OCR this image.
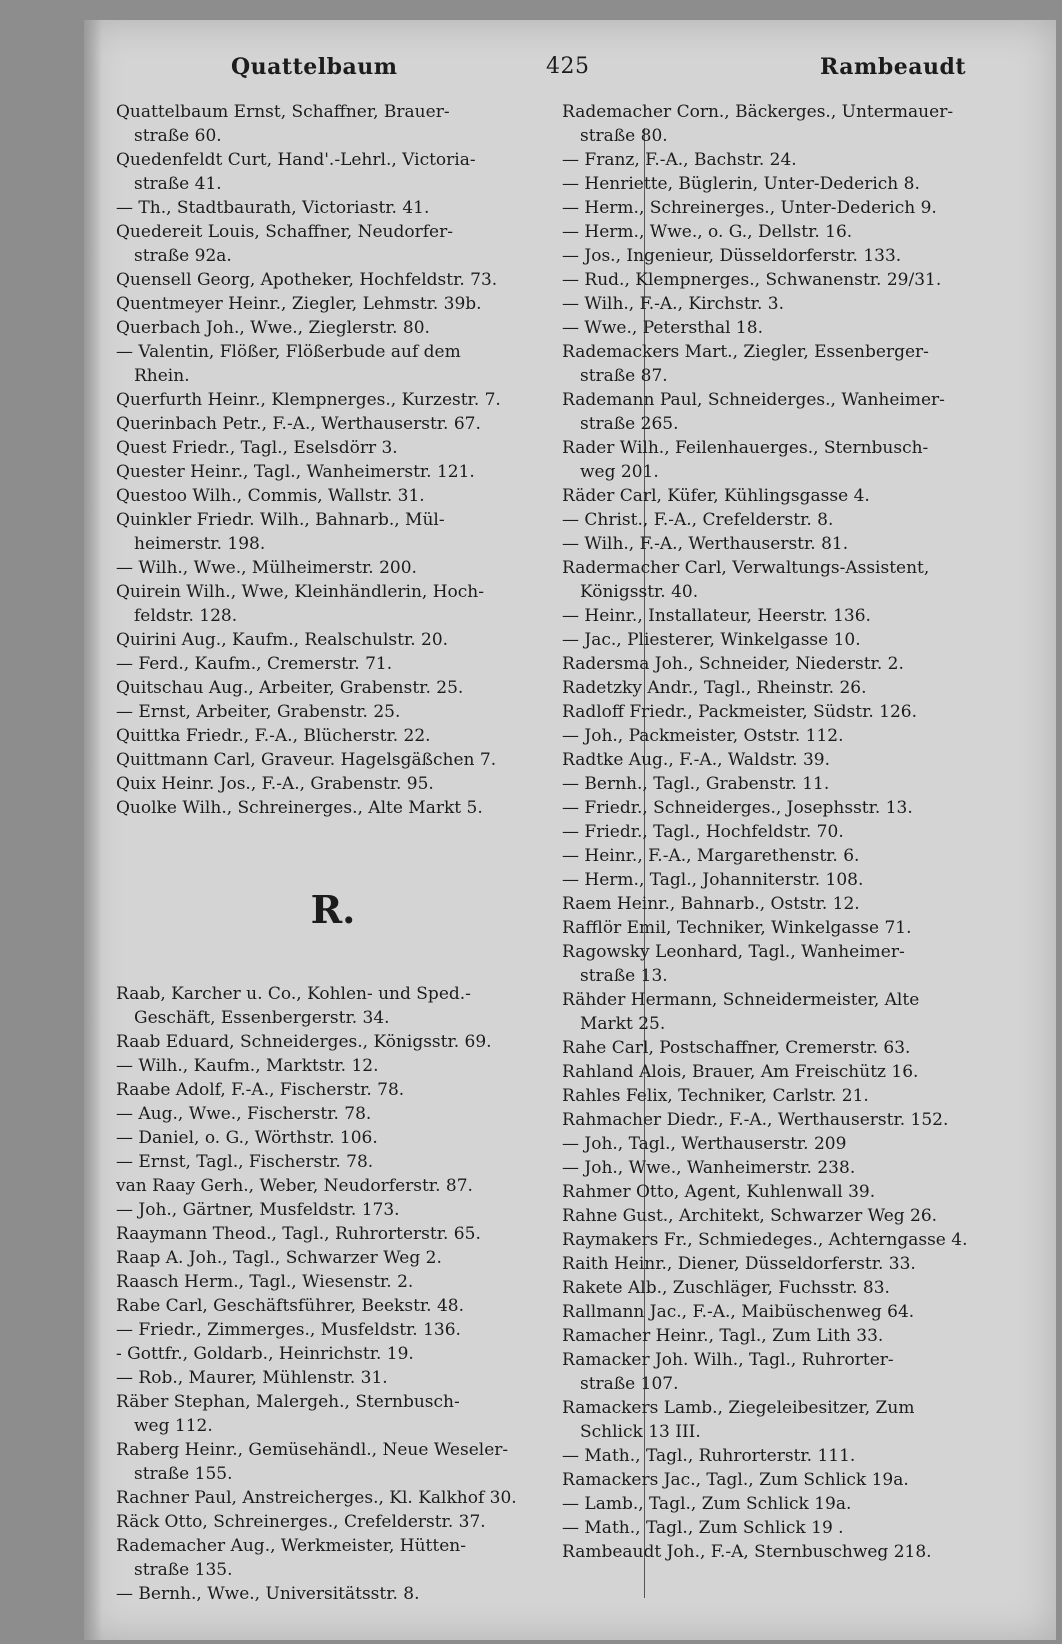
Quattelbaum	425	Rambeaudt
Quattelbaum Ernst, Schaffner, Brauer-
straße 60.
Quedenfeldt Curt, Hand'.-Lehrl., Victoria-
straße 41.
— Th., Stadtbaurath, Victoriastr. 41.
Quedereit Louis, Schaffner, Neudorfer-
straße 92a.
Quensell Georg, Apotheker, Hochfeldstr. 73.
Quentmeyer Heinr., Ziegler, Lehmstr. 39b.
Querbach Joh., Wwe., Zieglerstr. 80.
— Valentin, Flößer, Flößerbude auf dem
Rhein.
Querfurth Heinr., Klempnerges., Kurzestr. 7.
Querinbach Petr., F.-A., Werthauserstr. 67.
Quest Friedr., Tagl., Eselsdörr 3.
Quester Heinr., Tagl., Wanheimerstr. 121.
Questoo Wilh., Commis, Wallstr. 31.
Quinkler Friedr. Wilh., Bahnarb., Mül-
heimerstr. 198.
— Wilh., Wwe., Mülheimerstr. 200.
Quirein Wilh., Wwe, Kleinhändlerin, Hoch-
feldstr. 128.
Quirini Aug., Kaufm., Realschulstr. 20.
— Ferd., Kaufm., Cremerstr. 71.
Quitschau Aug., Arbeiter, Grabenstr. 25.
— Ernst, Arbeiter, Grabenstr. 25.
Quittka Friedr., F.-A., Blücherstr. 22.
Quittmann Carl, Graveur. Hagelsgäßchen 7.
Quix Heinr. Jos., F.-A., Grabenstr. 95.
Quolke Wilh., Schreinerges., Alte Markt 5.
R.
Raab, Karcher u. Co., Kohlen- und Sped.-
Geschäft, Essenbergerstr. 34.
Raab Eduard, Schneiderges., Königsstr. 69.
— Wilh., Kaufm., Marktstr. 12.
Raabe Adolf, F.-A., Fischerstr. 78.
— Aug., Wwe., Fischerstr. 78.
— Daniel, o. G., Wörthstr. 106.
— Ernst, Tagl., Fischerstr. 78.
van Raay Gerh., Weber, Neudorferstr. 87.
— Joh., Gärtner, Musfeldstr. 173.
Raaymann Theod., Tagl., Ruhrorterstr. 65.
Raap A. Joh., Tagl., Schwarzer Weg 2.
Raasch Herm., Tagl., Wiesenstr. 2.
Rabe Carl, Geschäftsführer, Beekstr. 48.
— Friedr., Zimmerges., Musfeldstr. 136.
- Gottfr., Goldarb., Heinrichstr. 19.
— Rob., Maurer, Mühlenstr. 31.
Räber Stephan, Malergeh., Sternbusch-
weg 112.
Raberg Heinr., Gemüsehändl., Neue Weseler-
straße 155.
Rachner Paul, Anstreicherges., Kl. Kalkhof 30.
Räck Otto, Schreinerges., Crefelderstr. 37.
Rademacher Aug., Werkmeister, Hütten-
straße 135.
— Bernh., Wwe., Universitätsstr. 8.
Rademacher Corn., Bäckerges., Untermauer-
straße 80.
— Franz, F.-A., Bachstr. 24.
— Henriette, Büglerin, Unter-Dederich 8.
— Herm., Schreinerges., Unter-Dederich 9.
— Herm., Wwe., o. G., Dellstr. 16.
— Jos., Ingenieur, Düsseldorferstr. 133.
— Rud., Klempnerges., Schwanenstr. 29/31.
— Wilh., F.-A., Kirchstr. 3.
— Wwe., Petersthal 18.
Rademackers Mart., Ziegler, Essenberger-
straße 87.
Rademann Paul, Schneiderges., Wanheimer-
straße 265.
Rader Wilh., Feilenhauerges., Sternbusch-
weg 201.
Räder Carl, Küfer, Kühlingsgasse 4.
— Christ., F.-A., Crefelderstr. 8.
— Wilh., F.-A., Werthauserstr. 81.
Radermacher Carl, Verwaltungs-Assistent,
Königsstr. 40.
— Heinr., Installateur, Heerstr. 136.
— Jac., Pliesterer, Winkelgasse 10.
Radersma Joh., Schneider, Niederstr. 2.
Radetzky Andr., Tagl., Rheinstr. 26.
Radloff Friedr., Packmeister, Südstr. 126.
— Joh., Packmeister, Oststr. 112.
Radtke Aug., F.-A., Waldstr. 39.
— Bernh., Tagl., Grabenstr. 11.
— Friedr., Schneiderges., Josephsstr. 13.
— Friedr., Tagl., Hochfeldstr. 70.
— Heinr., F.-A., Margarethenstr. 6.
— Herm., Tagl., Johanniterstr. 108.
Raem Heinr., Bahnarb., Oststr. 12.
Rafflör Emil, Techniker, Winkelgasse 71.
Ragowsky Leonhard, Tagl., Wanheimer-
straße 13.
Rähder Hermann, Schneidermeister, Alte
Markt 25.
Rahe Carl, Postschaffner, Cremerstr. 63.
Rahland Alois, Brauer, Am Freischütz 16.
Rahles Felix, Techniker, Carlstr. 21.
Rahmacher Diedr., F.-A., Werthauserstr. 152.
— Joh., Tagl., Werthauserstr. 209
— Joh., Wwe., Wanheimerstr. 238.
Rahmer Otto, Agent, Kuhlenwall 39.
Rahne Gust., Architekt, Schwarzer Weg 26.
Raymakers Fr., Schmiedeges., Achterngasse 4.
Raith Heinr., Diener, Düsseldorferstr. 33.
Rakete Alb., Zuschläger, Fuchsstr. 83.
Rallmann Jac., F.-A., Maibüschenweg 64.
Ramacher Heinr., Tagl., Zum Lith 33.
Ramacker Joh. Wilh., Tagl., Ruhrorter-
straße 107.
Ramackers Lamb., Ziegeleibesitzer, Zum
Schlick 13 III.
— Math., Tagl., Ruhrorterstr. 111.
Ramackers Jac., Tagl., Zum Schlick 19a.
— Lamb., Tagl., Zum Schlick 19a.
— Math., Tagl., Zum Schlick 19 .
Rambeaudt Joh., F.-A, Sternbuschweg 218.
